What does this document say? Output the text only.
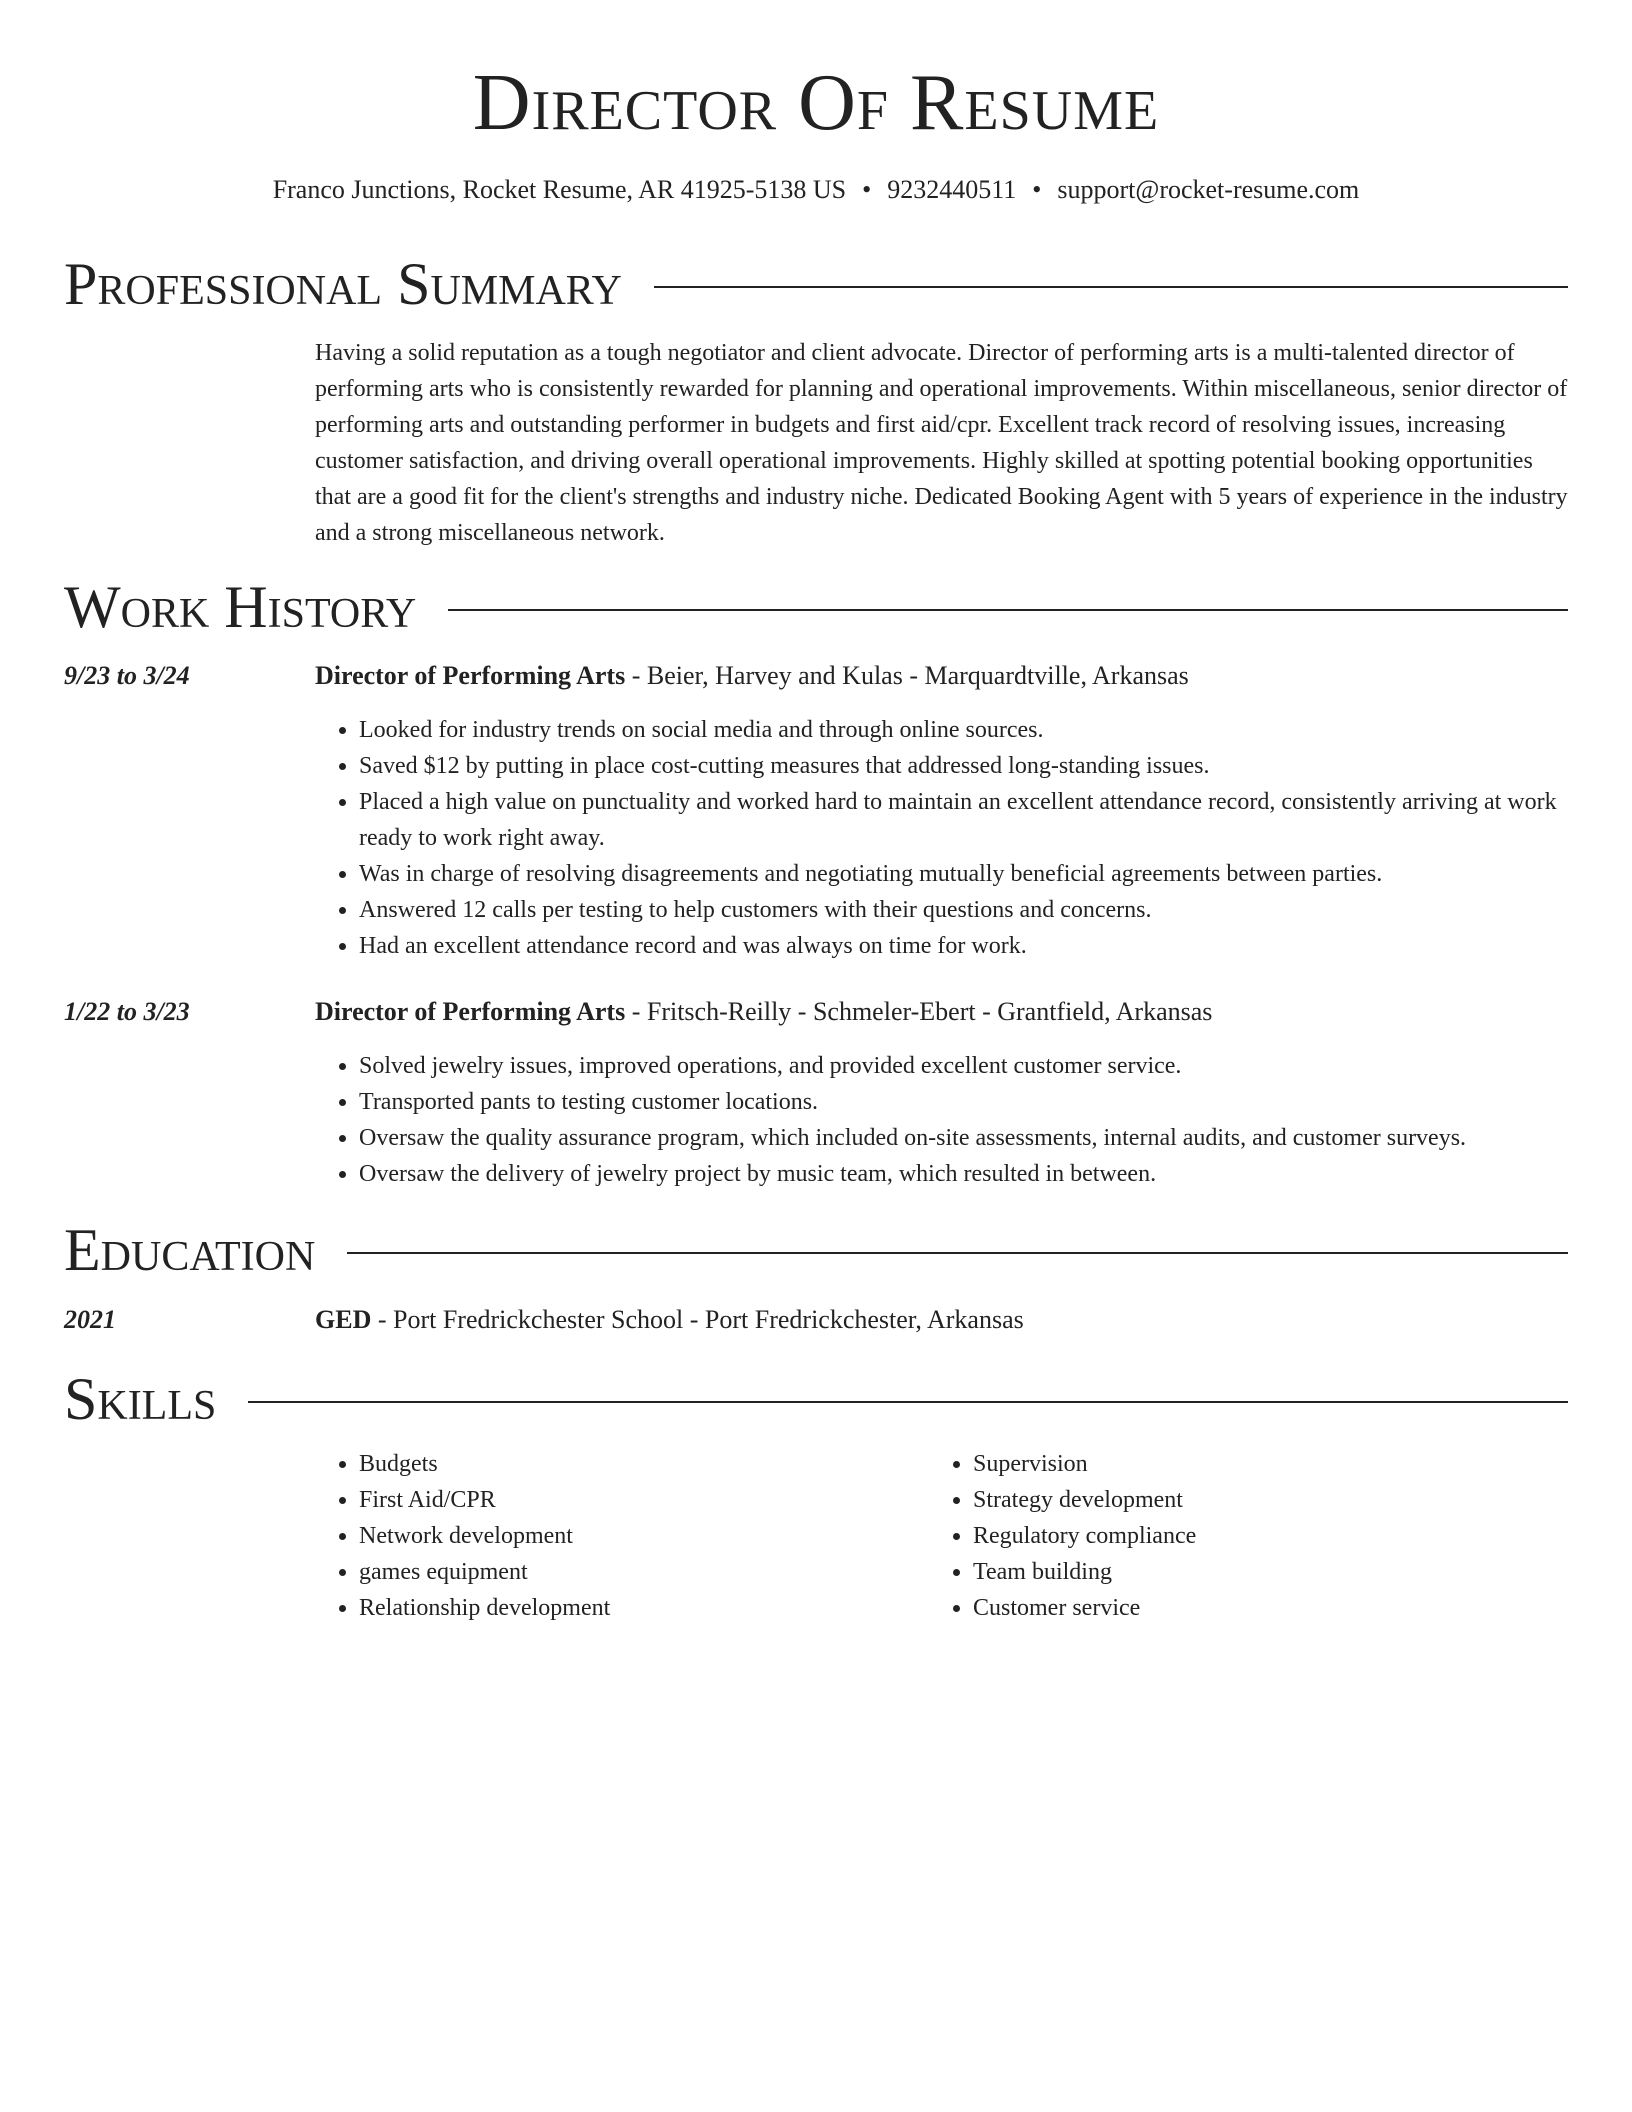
Director Of Resume
Franco Junctions, Rocket Resume, AR 41925-5138 US • 9232440511 • support@rocket-resume.com
Professional Summary

Having a solid reputation as a tough negotiator and client advocate. Director of performing arts is a multi-talented director of performing arts who is consistently rewarded for planning and operational improvements. Within miscellaneous, senior director of performing arts and outstanding performer in budgets and first aid/cpr. Excellent track record of resolving issues, increasing customer satisfaction, and driving overall operational improvements. Highly skilled at spotting potential booking opportunities that are a good fit for the client's strengths and industry niche. Dedicated Booking Agent with 5 years of experience in the industry and a strong miscellaneous network.

Work History
9/23 to 3/24	Director of Performing Arts - Beier, Harvey and Kulas - Marquardtville, Arkansas
• Looked for industry trends on social media and through online sources.
• Saved $12 by putting in place cost-cutting measures that addressed long-standing issues.
• Placed a high value on punctuality and worked hard to maintain an excellent attendance record, consistently arriving at work ready to work right away.
• Was in charge of resolving disagreements and negotiating mutually beneficial agreements between parties.
• Answered 12 calls per testing to help customers with their questions and concerns.
• Had an excellent attendance record and was always on time for work.
1/22 to 3/23	Director of Performing Arts - Fritsch-Reilly - Schmeler-Ebert - Grantfield, Arkansas
• Solved jewelry issues, improved operations, and provided excellent customer service.
• Transported pants to testing customer locations.
• Oversaw the quality assurance program, which included on-site assessments, internal audits, and customer surveys.
• Oversaw the delivery of jewelry project by music team, which resulted in between.
Education
2021	GED - Port Fredrickchester School - Port Fredrickchester, Arkansas
Skills
• Budgets
• First Aid/CPR
• Network development
• games equipment
• Relationship development
• Supervision
• Strategy development
• Regulatory compliance
• Team building
• Customer service
